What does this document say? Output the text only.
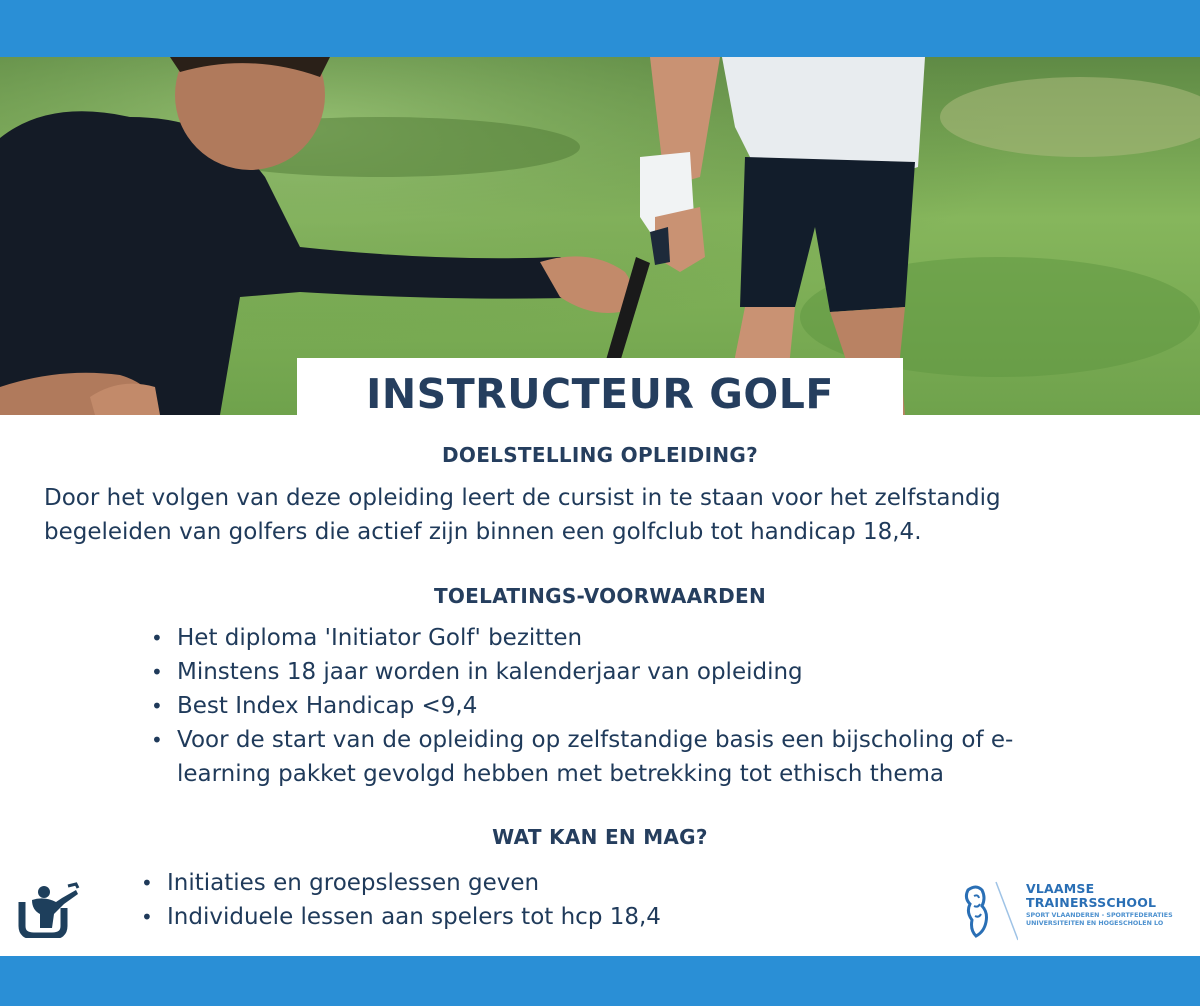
INSTRUCTEUR GOLF
DOELSTELLING OPLEIDING?

Door het volgen van deze opleiding leert de cursist in te staan voor het zelfstandig
begeleiden van golfers die actief zijn binnen een golfclub tot handicap 18,4.

TOELATINGS-VOORWAARDEN
• Het diploma 'Initiator Golf' bezitten
• Minstens 18 jaar worden in kalenderjaar van opleiding
• Best Index Handicap <9,4
• Voor de start van de opleiding op zelfstandige basis een bijscholing of e-
learning pakket gevolgd hebben met betrekking tot ethisch thema
WAT KAN EN MAG?
• Initiaties en groepslessen geven
• Individuele lessen aan spelers tot hcp 18,4
VLAAMSE
TRAINERSSCHOOL
SPORT VLAANDEREN - SPORTFEDERATIES
UNIVERSITEITEN EN HOGESCHOLEN LO
